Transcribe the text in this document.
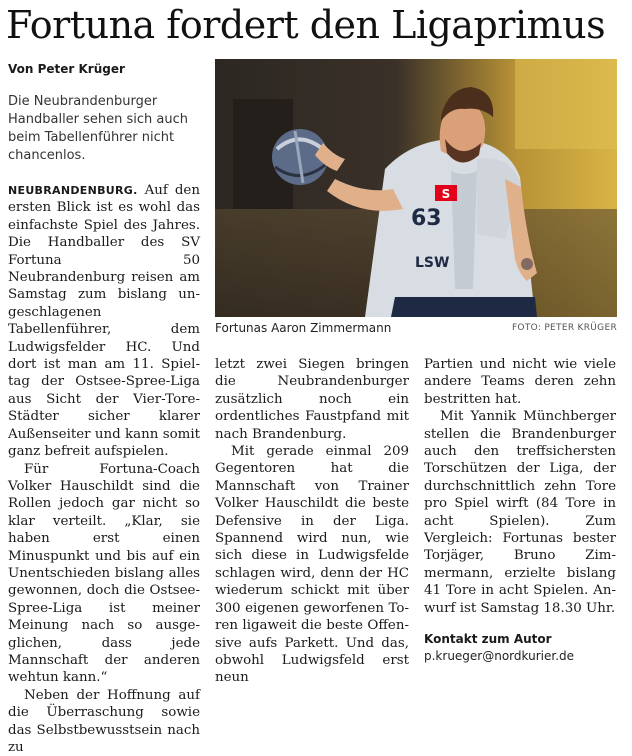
Fortuna fordert den Ligaprimus
Von Peter Krüger
Die Neubrandenburger Handballer sehen sich auch beim Tabellenführer nicht chancenlos.

NEUBRANDENBURG. Auf den ersten Blick ist es wohl das einfachste Spiel des Jahres. Die Handballer des SV Fortuna 50 Neubrandenburg reisen am Samstag zum bislang ungeschlagenen Tabellenführer, dem Ludwigsfelder HC. Und dort ist man am 11. Spieltag der Ostsee-Spree-Liga aus Sicht der Vier-Tore-Städter sicher klarer Außenseiter und kann somit ganz befreit aufspielen.

Für Fortuna-Coach Volker Hauschildt sind die Rollen jedoch gar nicht so klar verteilt. „Klar, sie haben erst einen Minuspunkt und bis auf ein Unentschieden bislang alles gewonnen, doch die Ostsee-Spree-Liga ist meiner Meinung nach so ausgeglichen, dass jede Mannschaft der anderen wehtun kann.“

Neben der Hoffnung auf die Überraschung sowie das Selbstbewusstsein nach zu

S
63
LSW
Fortunas Aaron Zimmermann	FOTO: PETER KRÜGER

letzt zwei Siegen bringen die Neubrandenburger zusätzlich noch ein ordentliches Faustpfand mit nach Brandenburg.

Mit gerade einmal 209 Gegentoren hat die Mannschaft von Trainer Volker Hauschildt die beste Defensive in der Liga. Spannend wird nun, wie sich diese in Ludwigsfelde schlagen wird, denn der HC wiederum schickt mit über 300 eigenen geworfenen Toren ligaweit die beste Offensive aufs Parkett. Und das, obwohl Ludwigsfeld erst neun

Partien und nicht wie viele andere Teams deren zehn bestritten hat.

Mit Yannik Münchberger stellen die Brandenburger auch den treffsichersten Torschützen der Liga, der durchschnittlich zehn Tore pro Spiel wirft (84 Tore in acht Spielen). Zum Vergleich: Fortunas bester Torjäger, Bruno Zimmermann, erzielte bislang 41 Tore in acht Spielen. Anwurf ist Samstag 18.30 Uhr.

Kontakt zum Autor
p.krueger@nordkurier.de
